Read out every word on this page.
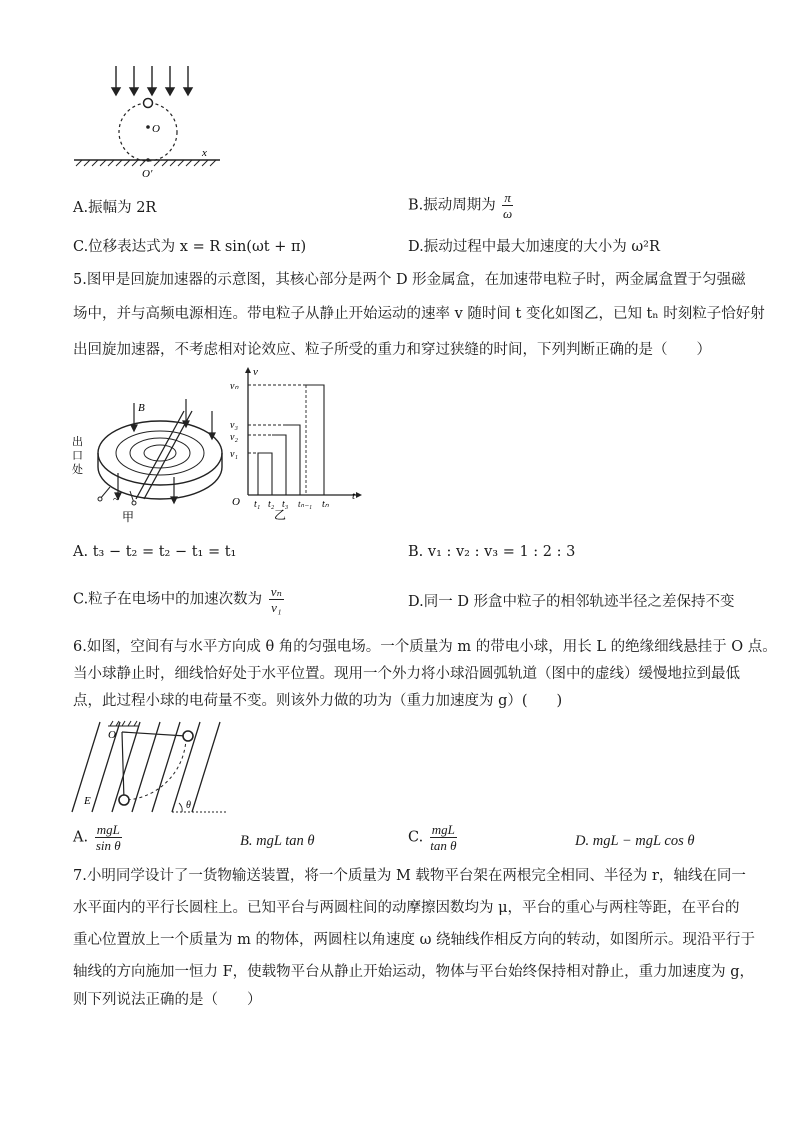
O
x
O′
A.振幅为 2R	B.振动周期为 $\frac{\pi}{\omega}$
C.位移表达式为 x = R sin(ωt + π)	D.振动过程中最大加速度的大小为 ω²R
5.图甲是回旋加速器的示意图，其核心部分是两个 D 形金属盒，在加速带电粒子时，两金属盒置于匀强磁
场中，并与高频电源相连。带电粒子从静止开始运动的速率 v 随时间 t 变化如图乙，已知 tₙ 时刻粒子恰好射
出回旋加速器，不考虑相对论效应、粒子所受的重力和穿过狭缝的时间，下列判断正确的是（　　）
B
出
口
处
~
甲
vₙ
v
v₃
v₂
v₁
O t₁ t₂ t₃ tₙ₋₁ tₙ
t
乙
A. t₃ − t₂ = t₂ − t₁ = t₁	B. v₁ : v₂ : v₃ = 1 : 2 : 3
C.粒子在电场中的加速次数为 $\frac{\text{vₙ}}{\text{v₁}}$	D.同一 D 形盒中粒子的相邻轨迹半径之差保持不变
6.如图，空间有与水平方向成 θ 角的匀强电场。一个质量为 m 的带电小球，用长 L 的绝缘细线悬挂于 O 点。
当小球静止时，细线恰好处于水平位置。现用一个外力将小球沿圆弧轨道（图中的虚线）缓慢地拉到最低
点，此过程小球的电荷量不变。则该外力做的功为（重力加速度为 g）(　　)
O
E	θ
A. $\frac{\text{mgL}}{\text{sin θ}}$	B. mgL tan θ	C. $\frac{\text{mgL}}{\text{tan θ}}$	D. mgL − mgL cos θ
7.小明同学设计了一货物输送装置，将一个质量为 M 载物平台架在两根完全相同、半径为 r，轴线在同一
水平面内的平行长圆柱上。已知平台与两圆柱间的动摩擦因数均为 μ，平台的重心与两柱等距，在平台的
重心位置放上一个质量为 m 的物体，两圆柱以角速度 ω 绕轴线作相反方向的转动，如图所示。现沿平行于
轴线的方向施加一恒力 F，使载物平台从静止开始运动，物体与平台始终保持相对静止，重力加速度为 g，
则下列说法正确的是（　　）
